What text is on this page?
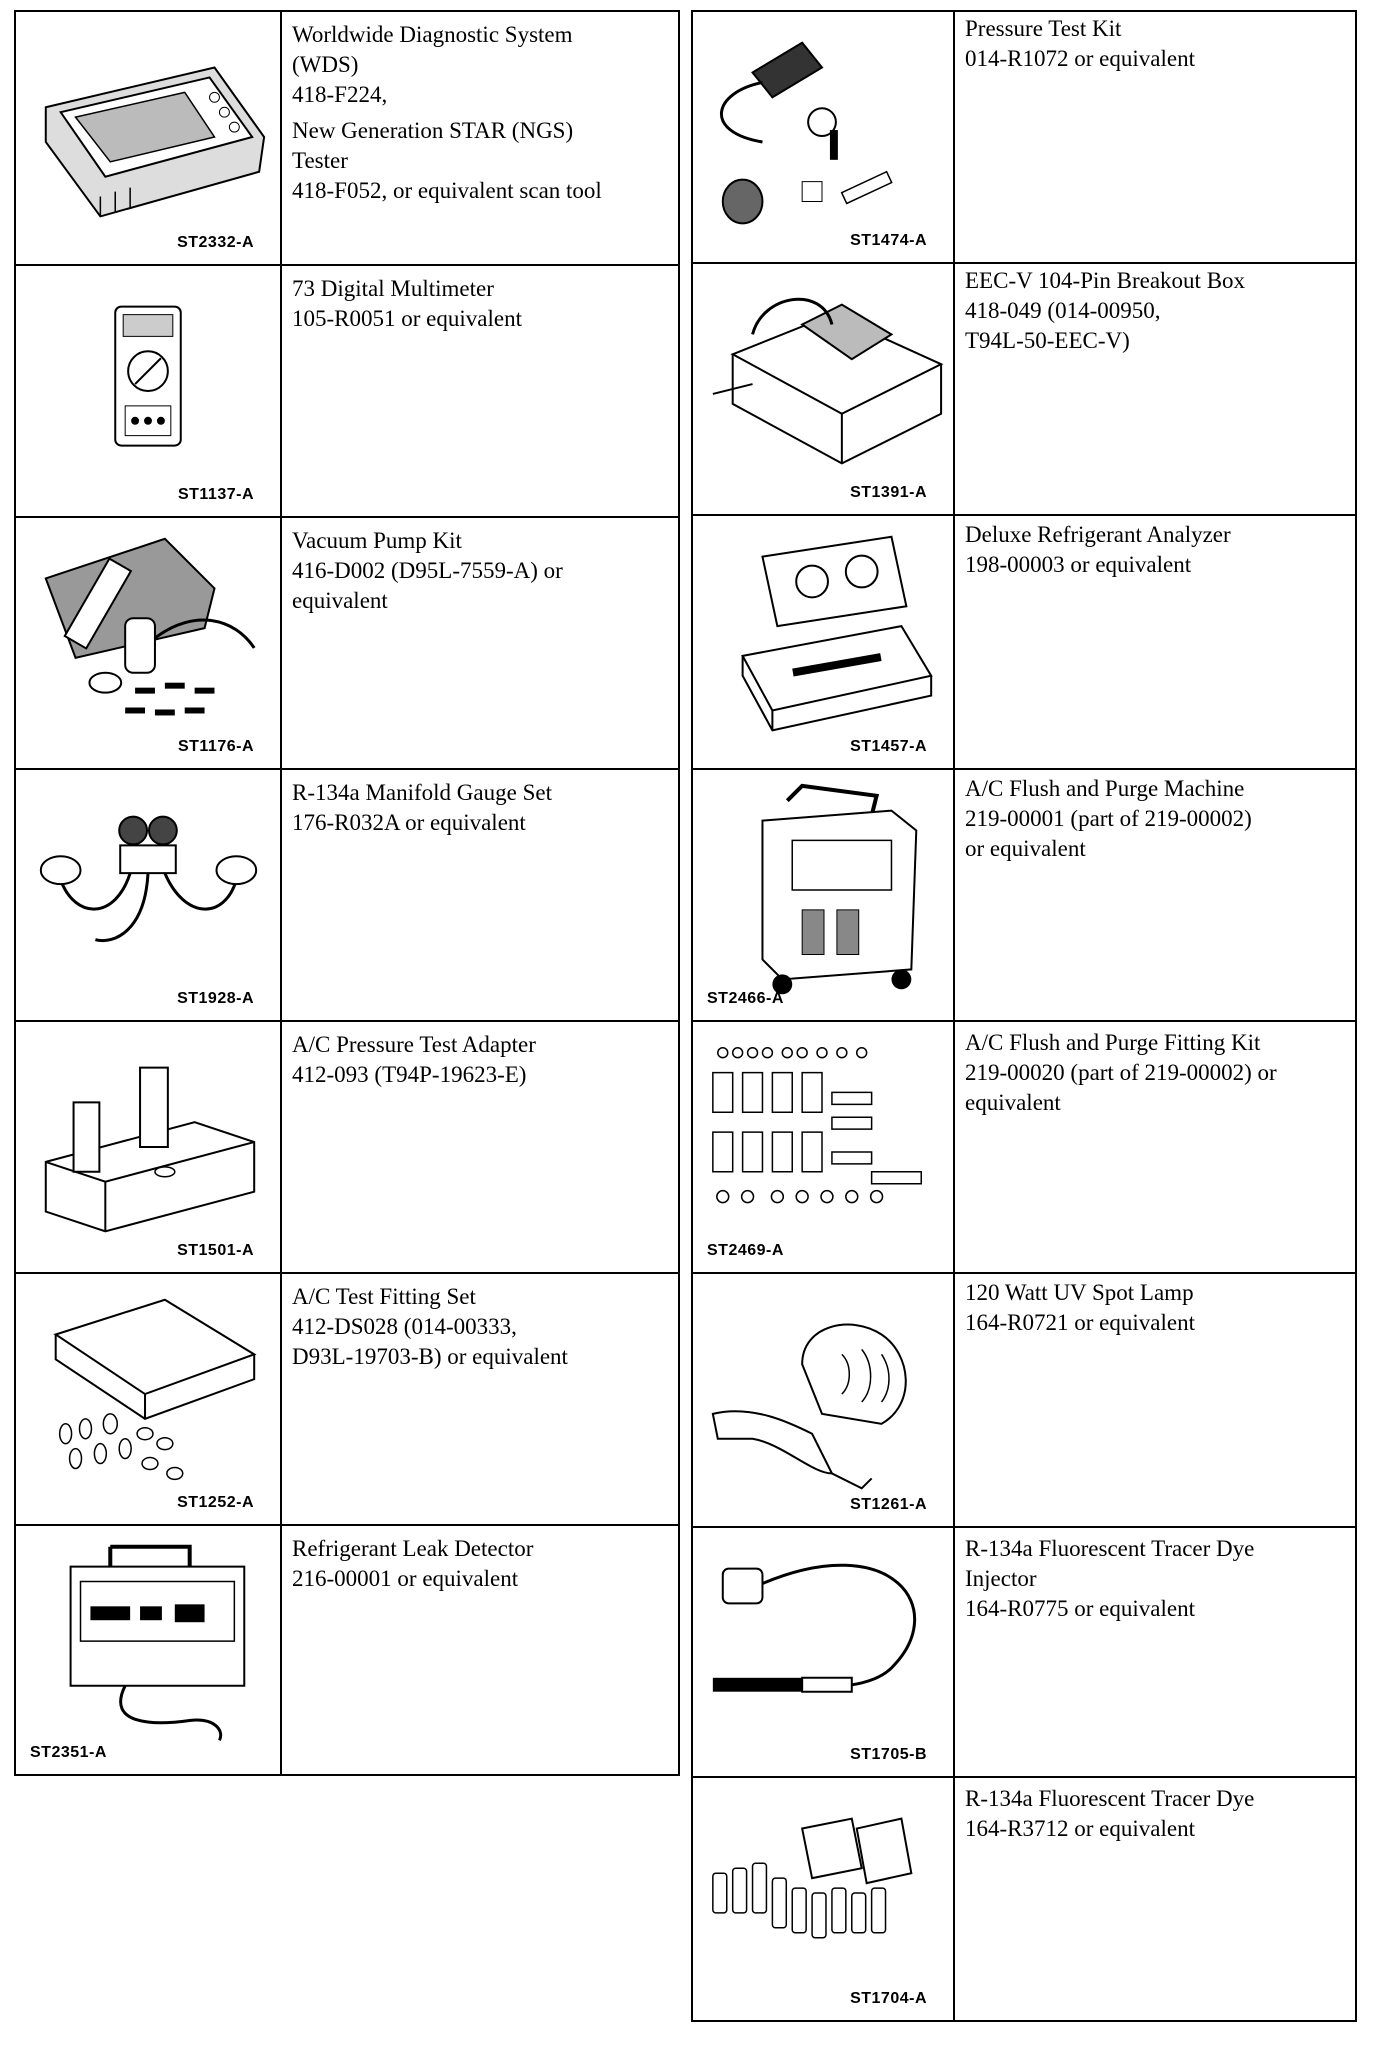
ST2332-A
Worldwide Diagnostic System
(WDS)
418-F224,
New Generation STAR (NGS)
Tester
418-F052, or equivalent scan tool
ST1137-A
73 Digital Multimeter
105-R0051 or equivalent
ST1176-A
Vacuum Pump Kit
416-D002 (D95L-7559-A) or
equivalent
ST1928-A
R-134a Manifold Gauge Set
176-R032A or equivalent
ST1501-A
A/C Pressure Test Adapter
412-093 (T94P-19623-E)
ST1252-A
A/C Test Fitting Set
412-DS028 (014-00333,
D93L-19703-B) or equivalent
ST2351-A
Refrigerant Leak Detector
216-00001 or equivalent
ST1474-A
Pressure Test Kit
014-R1072 or equivalent
ST1391-A
EEC-V 104-Pin Breakout Box
418-049 (014-00950,
T94L-50-EEC-V)
ST1457-A
Deluxe Refrigerant Analyzer
198-00003 or equivalent
ST2466-A
A/C Flush and Purge Machine
219-00001 (part of 219-00002)
or equivalent
ST2469-A
A/C Flush and Purge Fitting Kit
219-00020 (part of 219-00002) or
equivalent
ST1261-A
120 Watt UV Spot Lamp
164-R0721 or equivalent
ST1705-B
R-134a Fluorescent Tracer Dye
Injector
164-R0775 or equivalent
ST1704-A
R-134a Fluorescent Tracer Dye
164-R3712 or equivalent
